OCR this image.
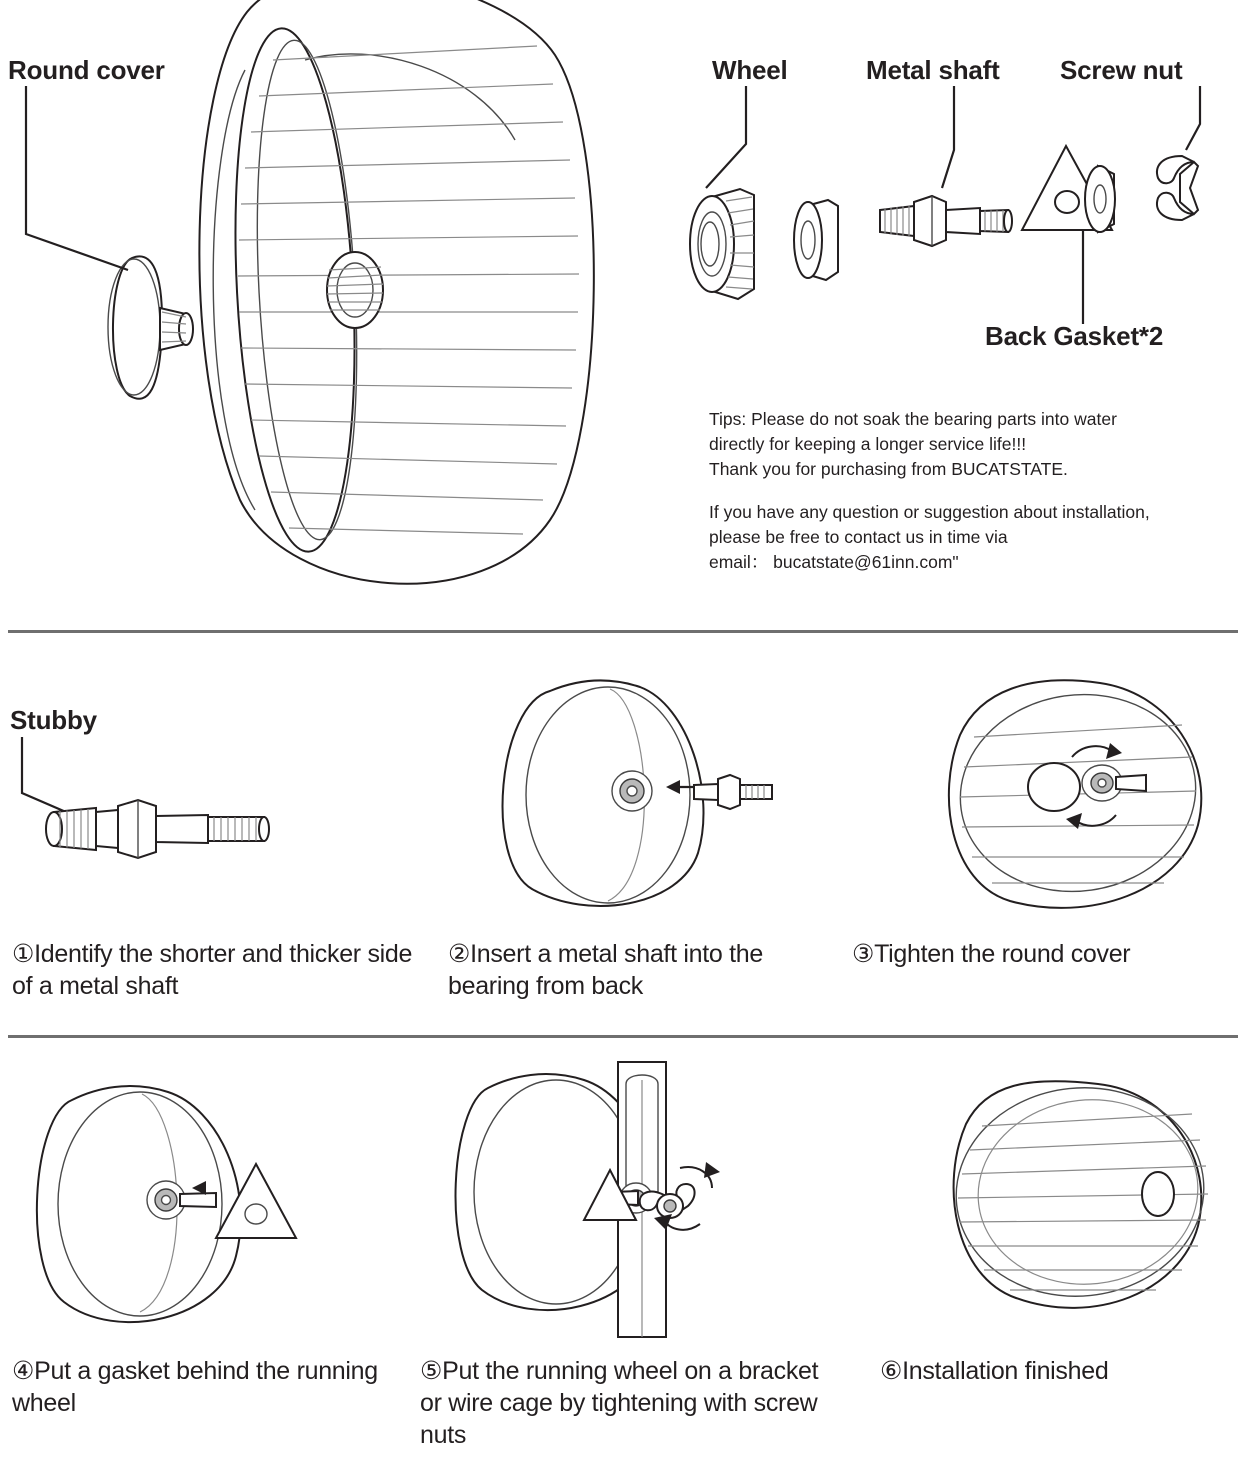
Round cover	Wheel	Metal shaft Screw nut
Back Gasket*2

Tips: Please do not soak the bearing parts into water

directly for keeping a longer service life!!!

Thank you for purchasing from BUCATSTATE.

If you have any question or suggestion about installation,

please be free to contact us in time via

email： bucatstate@61inn.com"

Stubby
①Identify the shorter and thicker side of a metal shaft
②Insert a metal shaft into the bearing from back
③Tighten the round cover
④Put a gasket behind the running wheel
⑤Put the running wheel on a bracket or wire cage by tightening with screw nuts
⑥Installation finished
